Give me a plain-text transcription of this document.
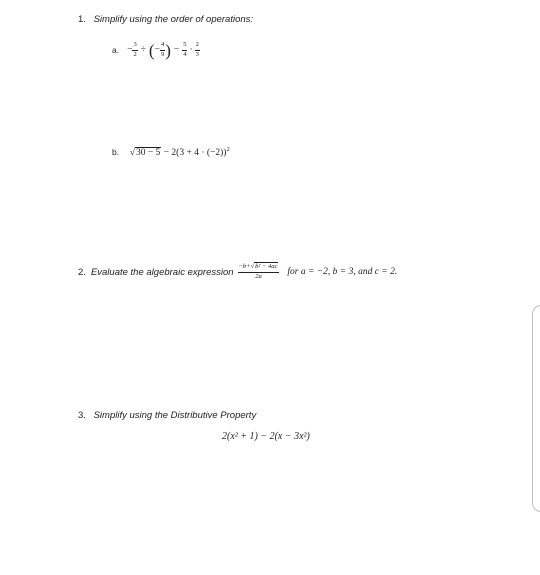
1. Simplify using the order of operations:
a. − $\frac{3}{2}$ ÷ ( − $\frac{4}{9}$ ) − $\frac{5}{4} \cdot \frac{2}{3}$
b. $√30 - 5 - 2(3 + 4 \cdot (-2))^2$
2. Evaluate the algebraic expression $\frac{\text{−b+√b² − 4ac}}{2a}$ for a = −2, b = 3, and c = 2.
3. Simplify using the Distributive Property
2(x² + 1) − 2(x − 3x²)
